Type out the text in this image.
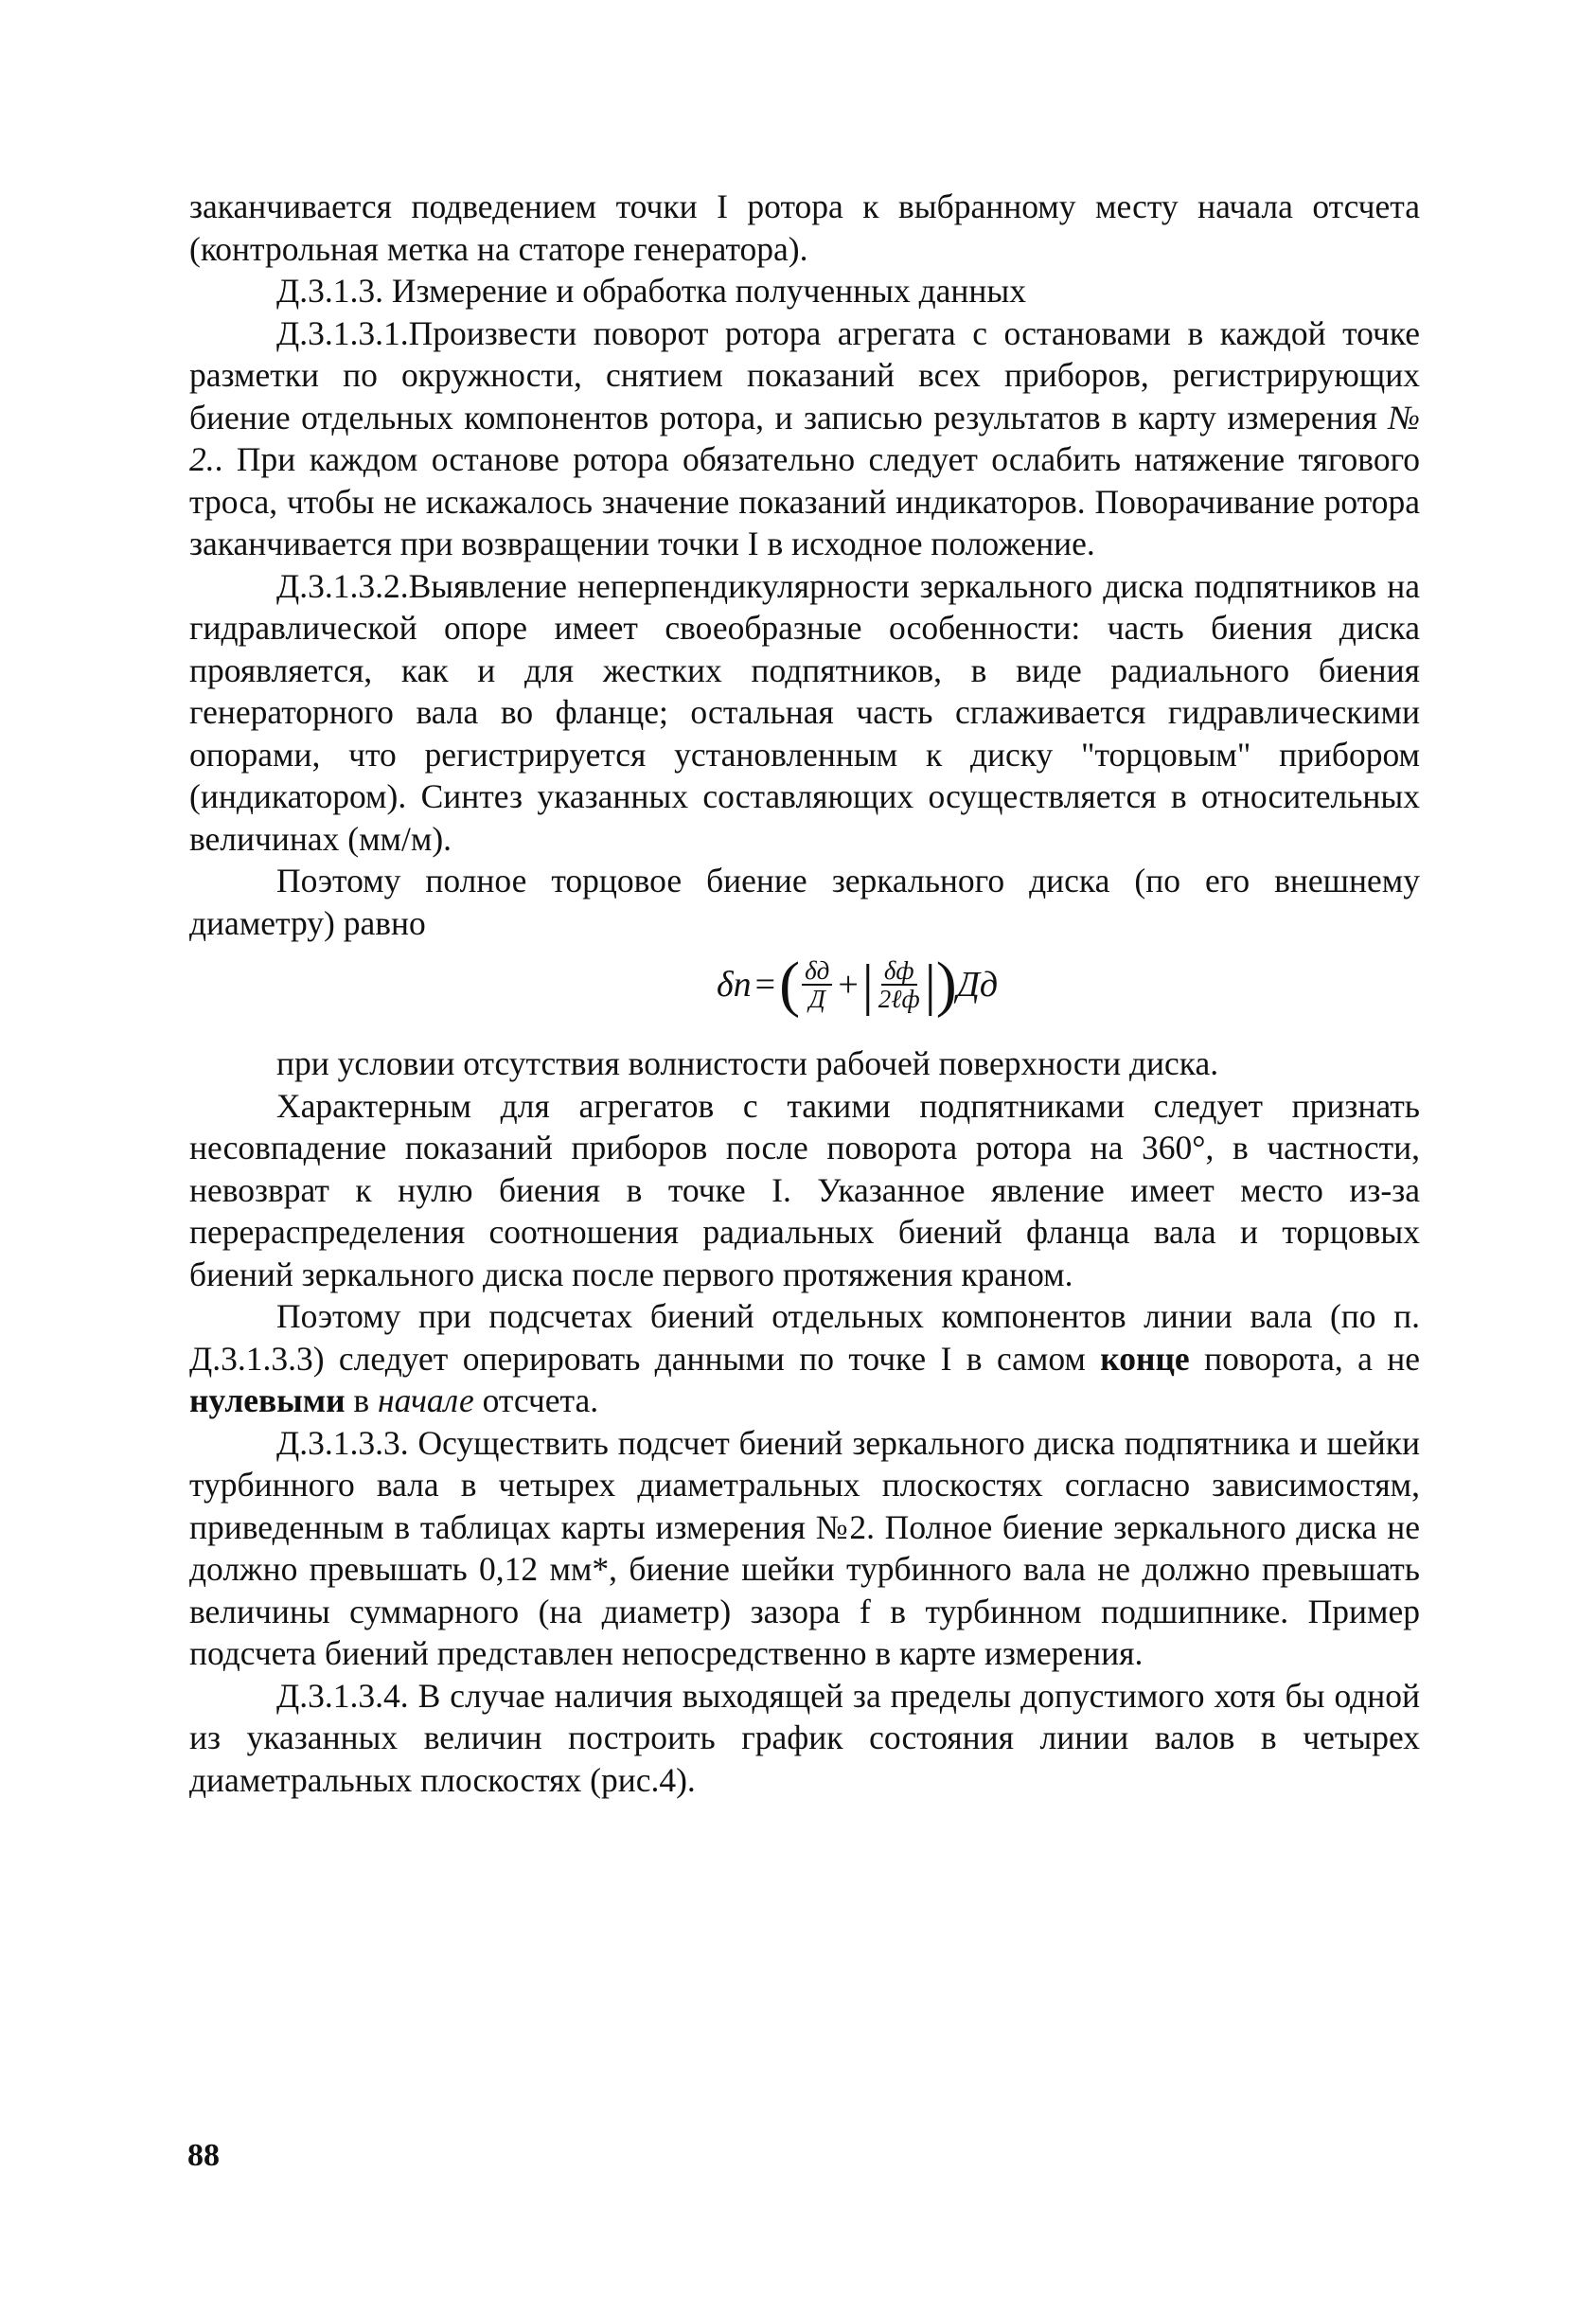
заканчивается подведением точки I ротора к выбранному месту начала отсчета (контрольная метка на статоре генератора).

Д.3.1.3. Измерение и обработка полученных данных

Д.3.1.3.1.Произвести поворот ротора агрегата с остановами в каждой точке разметки по окружности, снятием показаний всех приборов, регистрирующих биение отдельных компонентов ротора, и записью результатов в карту измерения № 2.. При каждом останове ротора обязательно следует ослабить натяжение тягового троса, чтобы не искажалось значение показаний индикаторов. Поворачивание ротора заканчивается при возвращении точки I в исходное положение.

Д.3.1.3.2.Выявление неперпендикулярности зеркального диска подпятников на гидравлической опоре имеет своеобразные особенности: часть биения диска проявляется, как и для жестких подпятников, в виде радиального биения генераторного вала во фланце; остальная часть сглаживается гидравлическими опорами, что регистрируется установленным к диску "торцовым" прибором (индикатором). Синтез указанных составляющих осуществляется в относительных величинах (мм/м).

Поэтому полное торцовое биение зеркального диска (по его внешнему диаметру) равно

δп = ( $\frac{\delta д}{Д}$ + | $\frac{\delta ф}{\text{2ℓф}}$ | ) Дд

при условии отсутствия волнистости рабочей поверхности диска.

Характерным для агрегатов с такими подпятниками следует признать несовпадение показаний приборов после поворота ротора на 360°, в частности, невозврат к нулю биения в точке I. Указанное явление имеет место из-за перераспределения соотношения радиальных биений фланца вала и торцовых биений зеркального диска после первого протяжения краном.

Поэтому при подсчетах биений отдельных компонентов линии вала (по п. Д.3.1.3.3) следует оперировать данными по точке I в самом конце поворота, а не нулевыми в начале отсчета.

Д.3.1.3.3. Осуществить подсчет биений зеркального диска подпятника и шейки турбинного вала в четырех диаметральных плоскостях согласно зависимостям, приведенным в таблицах карты измерения №2. Полное биение зеркального диска не должно превышать 0,12 мм*, биение шейки турбинного вала не должно превышать величины суммарного (на диаметр) зазора f в турбинном подшипнике. Пример подсчета биений представлен непосредственно в карте измерения.

Д.3.1.3.4. В случае наличия выходящей за пределы допустимого хотя бы одной из указанных величин построить график состояния линии валов в четырех диаметральных плоскостях (рис.4).

88
